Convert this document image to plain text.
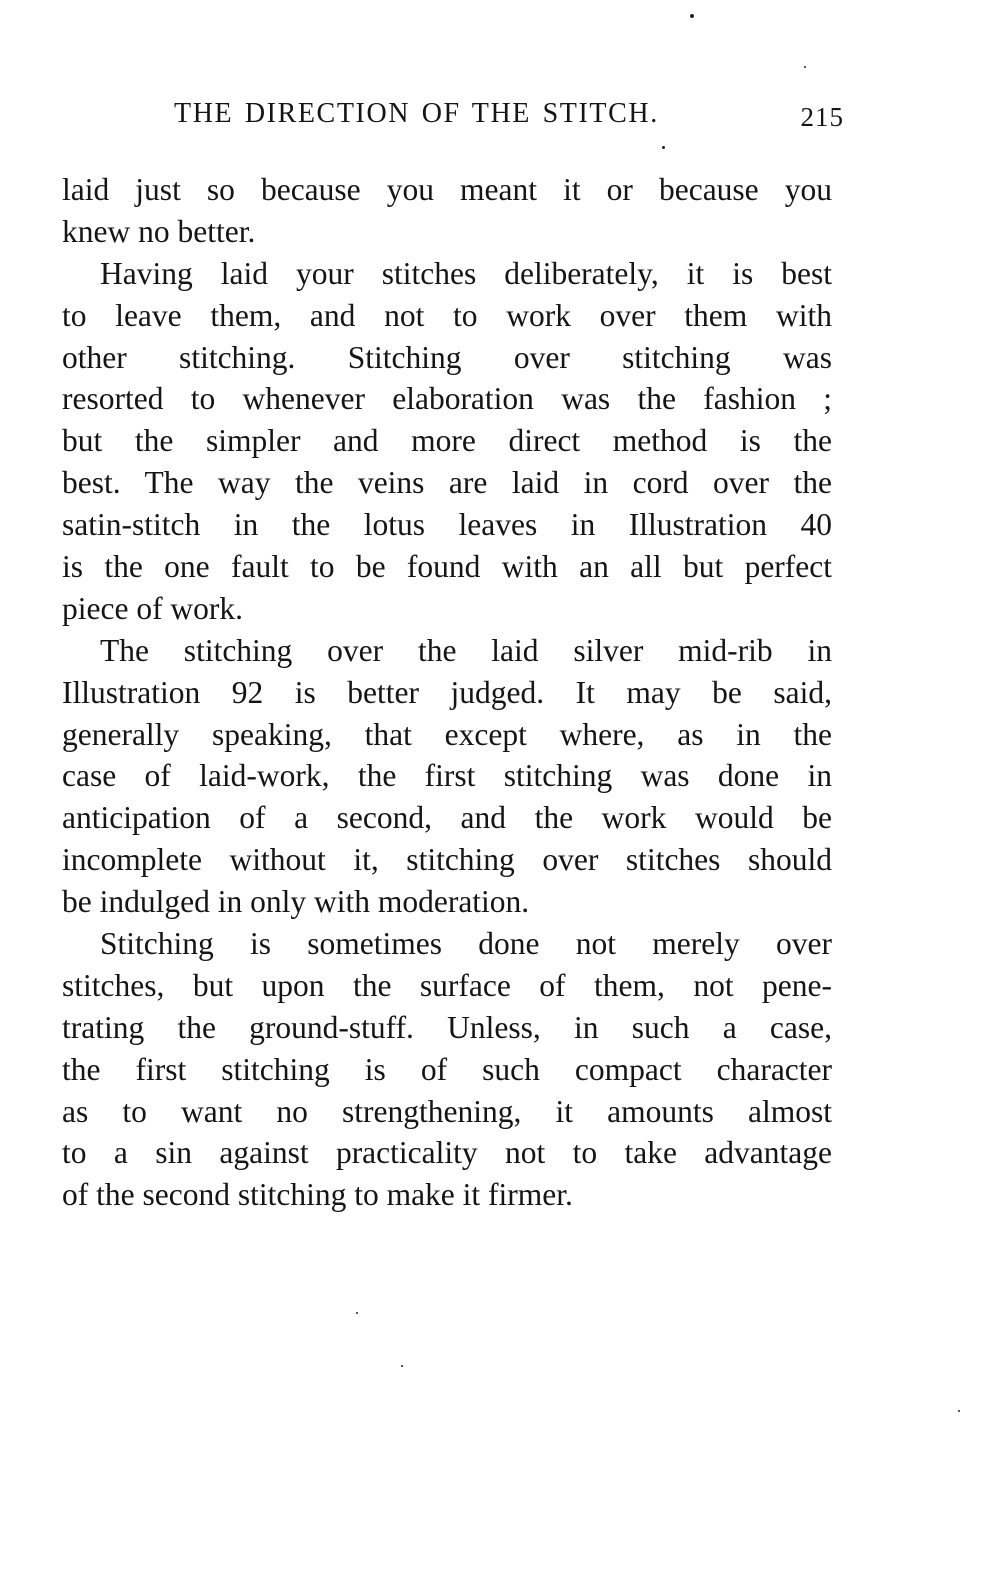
THE DIRECTION OF THE STITCH.	215
laid just so because you meant it or because you
knew no better.
Having laid your stitches deliberately, it is best
to leave them, and not to work over them with
other stitching. Stitching over stitching was
resorted to whenever elaboration was the fashion ;
but the simpler and more direct method is the
best. The way the veins are laid in cord over the
satin-stitch in the lotus leaves in Illustration 40
is the one fault to be found with an all but perfect
piece of work.
The stitching over the laid silver mid-rib in
Illustration 92 is better judged. It may be said,
generally speaking, that except where, as in the
case of laid-work, the first stitching was done in
anticipation of a second, and the work would be
incomplete without it, stitching over stitches should
be indulged in only with moderation.
Stitching is sometimes done not merely over
stitches, but upon the surface of them, not pene-
trating the ground-stuff. Unless, in such a case,
the first stitching is of such compact character
as to want no strengthening, it amounts almost
to a sin against practicality not to take advantage
of the second stitching to make it firmer.
